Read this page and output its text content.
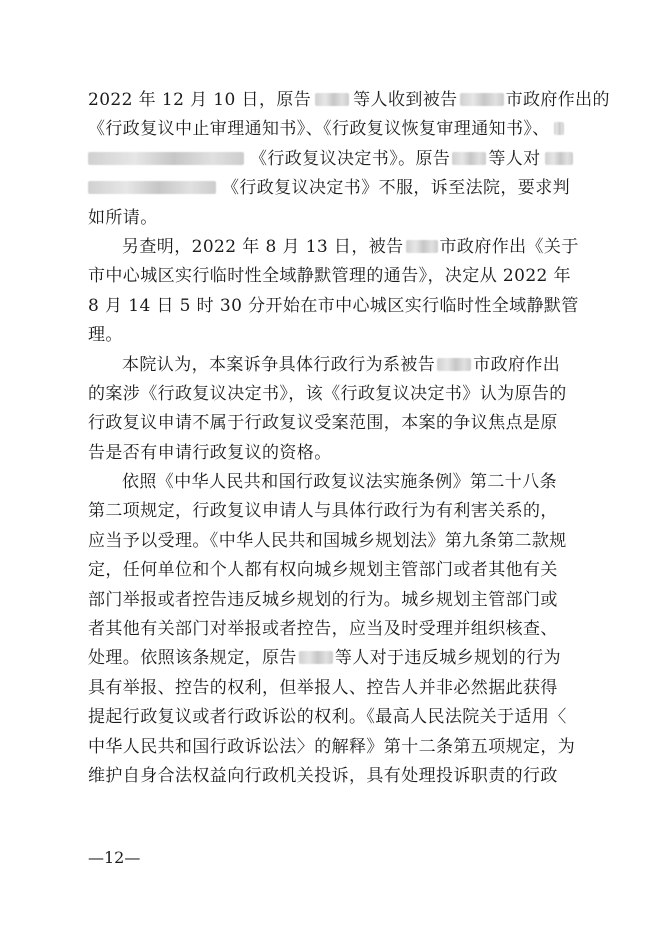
2022 年 12 月 10 日，原告 等人收到被告	市政府作出的
《行政复议中止审理通知书》、《行政复议恢复审理通知书》、
《行政复议决定书》。原告 等人对
《行政复议决定书》不服，诉至法院，要求判
如所请。
另查明，2022 年 8 月 13 日，被告 市政府作出《关于
市中心城区实行临时性全域静默管理的通告》，决定从 2022 年
8 月 14 日 5 时 30 分开始在市中心城区实行临时性全域静默管
理。
本院认为，本案诉争具体行政行为系被告 市政府作出
的案涉《行政复议决定书》，该《行政复议决定书》认为原告的
行政复议申请不属于行政复议受案范围，本案的争议焦点是原
告是否有申请行政复议的资格。
依照《中华人民共和国行政复议法实施条例》第二十八条
第二项规定，行政复议申请人与具体行政行为有利害关系的，
应当予以受理。《中华人民共和国城乡规划法》第九条第二款规
定，任何单位和个人都有权向城乡规划主管部门或者其他有关
部门举报或者控告违反城乡规划的行为。城乡规划主管部门或
者其他有关部门对举报或者控告，应当及时受理并组织核查、
处理。依照该条规定，原告 等人对于违反城乡规划的行为
具有举报、控告的权利，但举报人、控告人并非必然据此获得
提起行政复议或者行政诉讼的权利。《最高人民法院关于适用〈
中华人民共和国行政诉讼法〉的解释》第十二条第五项规定，为
维护自身合法权益向行政机关投诉，具有处理投诉职责的行政
—12—
